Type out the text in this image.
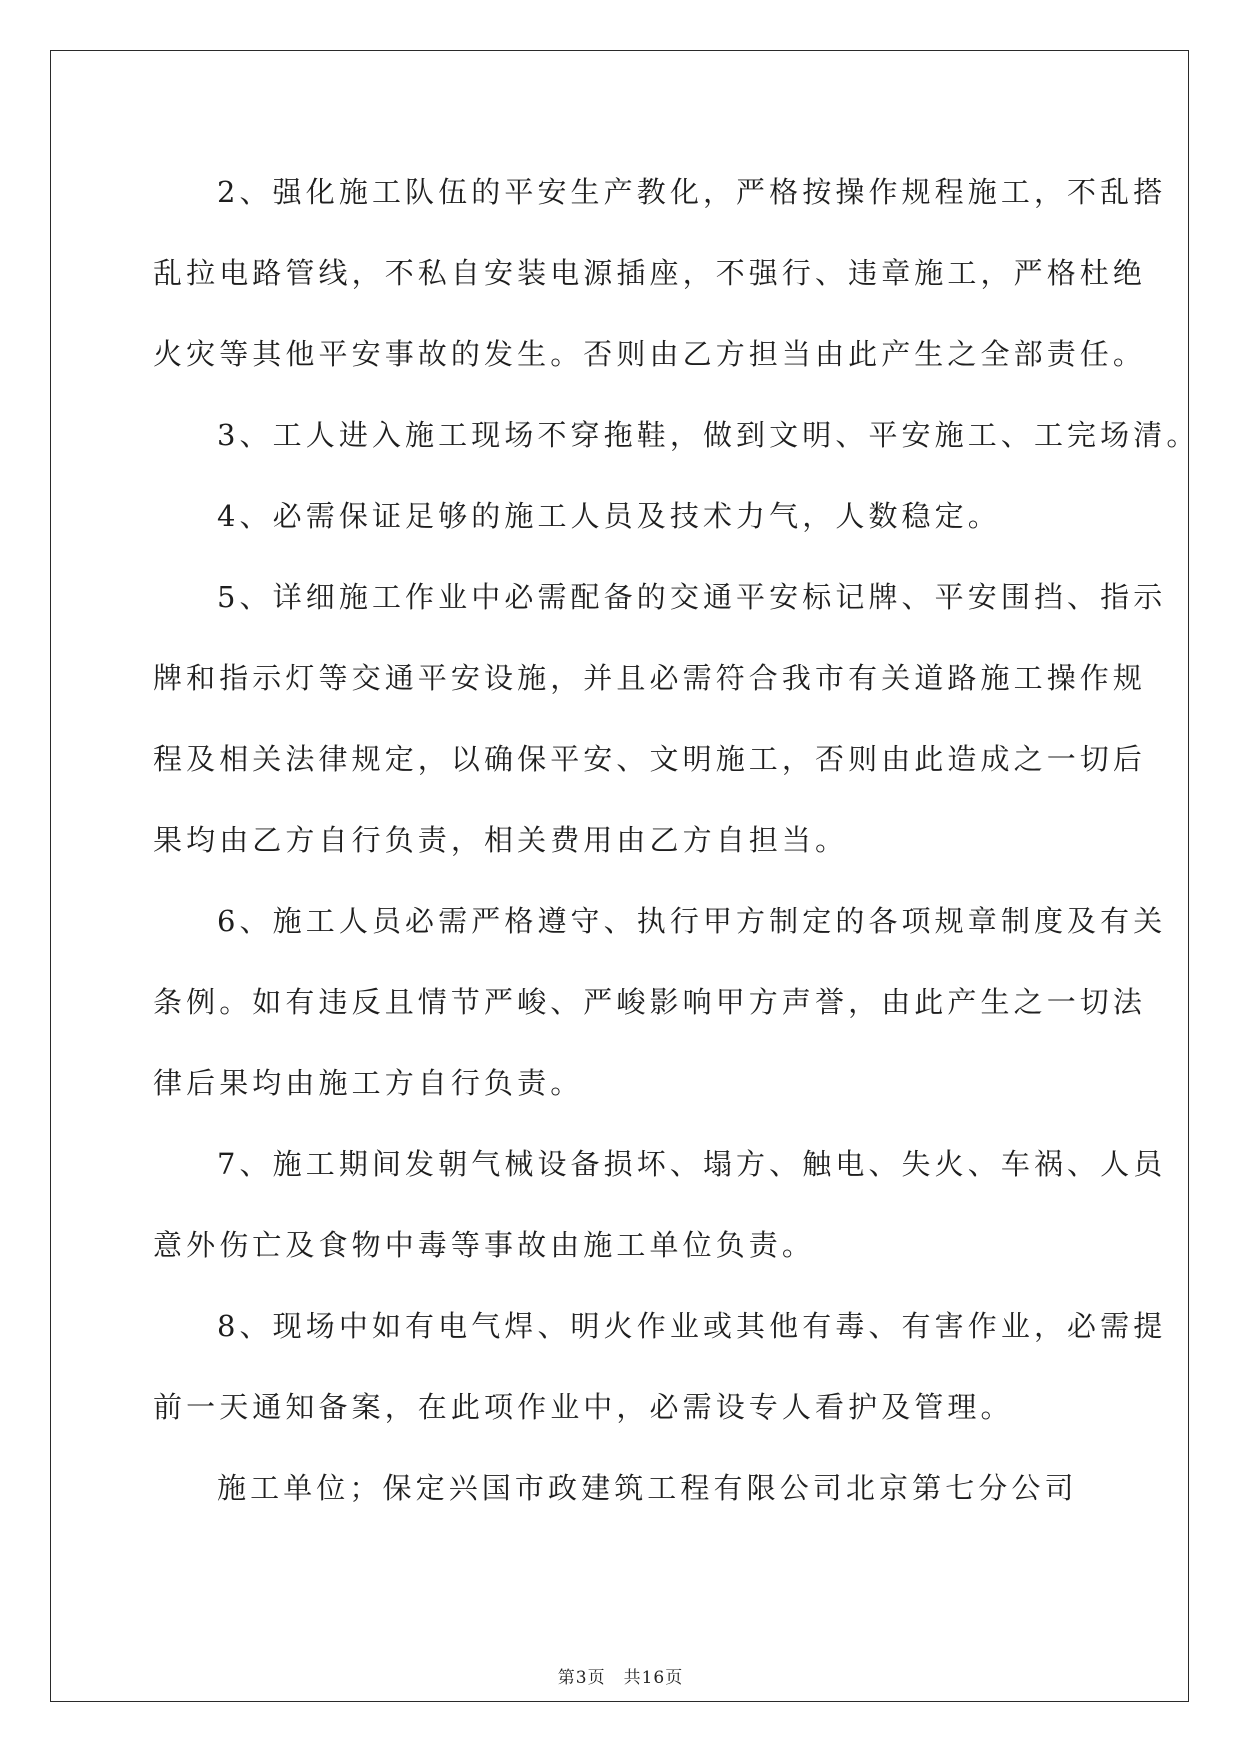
2、强化施工队伍的平安生产教化，严格按操作规程施工，不乱搭
乱拉电路管线，不私自安装电源插座，不强行、违章施工，严格杜绝
火灾等其他平安事故的发生。否则由乙方担当由此产生之全部责任。

3、工人进入施工现场不穿拖鞋，做到文明、平安施工、工完场清。

4、必需保证足够的施工人员及技术力气，人数稳定。

5、详细施工作业中必需配备的交通平安标记牌、平安围挡、指示
牌和指示灯等交通平安设施，并且必需符合我市有关道路施工操作规
程及相关法律规定，以确保平安、文明施工，否则由此造成之一切后
果均由乙方自行负责，相关费用由乙方自担当。

6、施工人员必需严格遵守、执行甲方制定的各项规章制度及有关
条例。如有违反且情节严峻、严峻影响甲方声誉，由此产生之一切法
律后果均由施工方自行负责。

7、施工期间发朝气械设备损坏、塌方、触电、失火、车祸、人员
意外伤亡及食物中毒等事故由施工单位负责。

8、现场中如有电气焊、明火作业或其他有毒、有害作业，必需提
前一天通知备案，在此项作业中，必需设专人看护及管理。

施工单位；保定兴国市政建筑工程有限公司北京第七分公司

第3页 共16页
